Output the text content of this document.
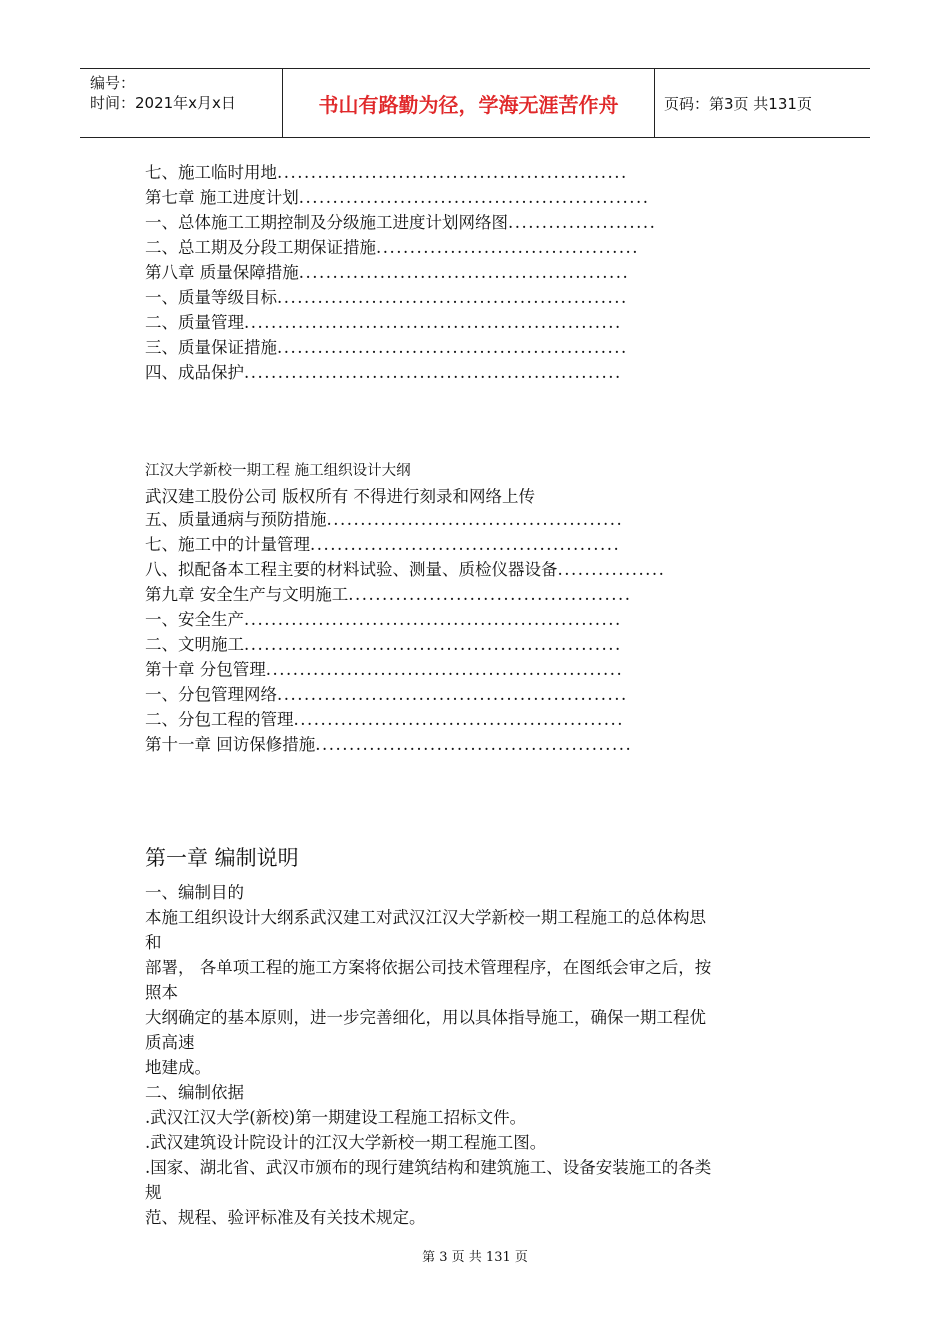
编号：
时间：2021年x月x日	书山有路勤为径，学海无涯苦作舟	页码：第3页 共131页
七、施工临时用地....................................................
第七章 施工进度计划....................................................
一、总体施工工期控制及分级施工进度计划网络图......................
二、总工期及分段工期保证措施.......................................
第八章 质量保障措施.................................................
一、质量等级目标....................................................
二、质量管理........................................................
三、质量保证措施....................................................
四、成品保护........................................................
江汉大学新校一期工程 施工组织设计大纲
武汉建工股份公司 版权所有 不得进行刻录和网络上传
五、质量通病与预防措施............................................
七、施工中的计量管理..............................................
八、拟配备本工程主要的材料试验、测量、质检仪器设备................
第九章 安全生产与文明施工..........................................
一、安全生产........................................................
二、文明施工........................................................
第十章 分包管理.....................................................
一、分包管理网络....................................................
二、分包工程的管理.................................................
第十一章 回访保修措施...............................................
第一章 编制说明

一、编制目的

本施工组织设计大纲系武汉建工对武汉江汉大学新校一期工程施工的总体构思

和

部署， 各单项工程的施工方案将依据公司技术管理程序，在图纸会审之后，按

照本

大纲确定的基本原则，进一步完善细化，用以具体指导施工，确保一期工程优

质高速

地建成。

二、编制依据

.武汉江汉大学(新校)第一期建设工程施工招标文件。

.武汉建筑设计院设计的江汉大学新校一期工程施工图。

.国家、湖北省、武汉市颁布的现行建筑结构和建筑施工、设备安装施工的各类

规

范、规程、验评标准及有关技术规定。

第 3 页 共 131 页
